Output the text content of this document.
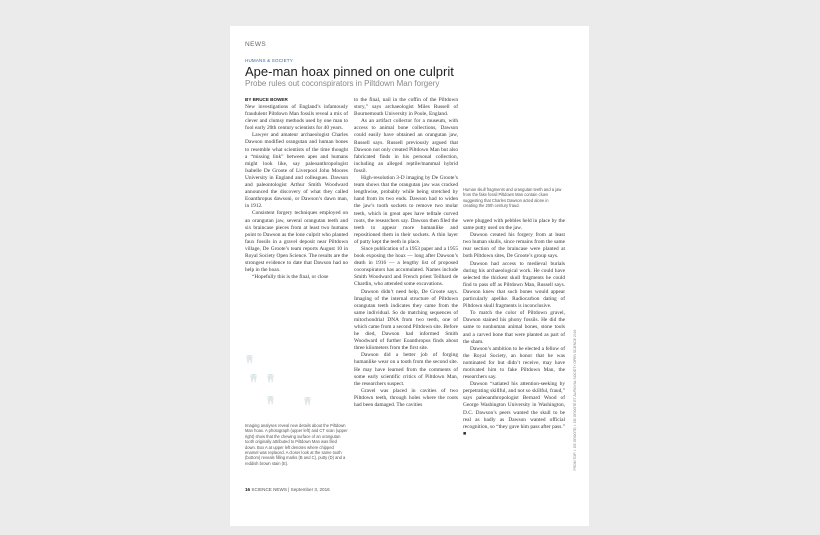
NEWS
HUMANS & SOCIETY
Ape-man hoax pinned on one culprit
Probe rules out coconspirators in Piltdown Man forgery
BY BRUCE BOWER

New investigations of England’s infamously fraudulent Piltdown Man fossils reveal a mix of clever and clumsy methods used by one man to fool early 20th century scientists for 40 years.

Lawyer and amateur archaeologist Charles Dawson modified orangutan and human bones to resemble what scientists of the time thought a “missing link” between apes and humans might look like, say paleoanthropologist Isabelle De Groote of Liverpool John Moores University in England and colleagues. Dawson and paleontologist Arthur Smith Woodward announced the discovery of what they called Eoanthropus dawsoni, or Dawson’s dawn man, in 1912.

Consistent forgery techniques employed on an orangutan jaw, several orangutan teeth and six braincase pieces from at least two humans point to Dawson as the lone culprit who planted faux fossils in a gravel deposit near Piltdown village, De Groote’s team reports August 10 in Royal Society Open Science. The results are the strongest evidence to date that Dawson had no help in the hoax.

“Hopefully this is the final, or close

to the final, nail in the coffin of the Piltdown story,” says archaeologist Miles Russell of Bournemouth University in Poole, England.

As an artifact collector for a museum, with access to animal bone collections, Dawson could easily have obtained an orangutan jaw, Russell says. Russell previously argued that Dawson not only created Piltdown Man but also fabricated finds in his personal collection, including an alleged reptile/mammal hybrid fossil.

High-resolution 3-D imaging by De Groote’s team shows that the orangutan jaw was cracked lengthwise, probably while being stretched by hand from its two ends. Dawson had to widen the jaw’s tooth sockets to remove two molar teeth, which in great apes have telltale curved roots, the researchers say. Dawson then filed the teeth to appear more humanlike and repositioned them in their sockets. A thin layer of putty kept the teeth in place.

Since publication of a 1953 paper and a 1955 book exposing the hoax — long after Dawson’s death in 1916 — a lengthy list of proposed coconspirators has accumulated. Names include Smith Woodward and French priest Teilhard de Chardin, who attended some excavations.

Dawson didn’t need help, De Groote says. Imaging of the internal structure of Piltdown orangutan teeth indicates they came from the same individual. So do matching sequences of mitochondrial DNA from two teeth, one of which came from a second Piltdown site. Before he died, Dawson had informed Smith Woodward of further Eoanthropus finds about three kilometers from the first site.

Dawson did a better job of forging humanlike wear on a tooth from the second site. He may have learned from the comments of some early scientific critics of Piltdown Man, the researchers suspect.

Gravel was placed in cavities of two Piltdown teeth, through holes where the roots had been damaged. The cavities

Human skull fragments and orangutan teeth and a jaw from the fake fossil Piltdown Man contain clues suggesting that Charles Dawson acted alone in creating the 20th century fraud.

were plugged with pebbles held in place by the same putty used on the jaw.

Dawson created his forgery from at least two human skulls, since remains from the same rear section of the braincase were planted at both Piltdown sites, De Groote’s group says.

Dawson had access to medieval burials during his archaeological work. He could have selected the thickest skull fragments he could find to pass off as Piltdown Man, Russell says. Dawson knew that such bones would appear particularly apelike. Radiocarbon dating of Piltdown skull fragments is inconclusive.

To match the color of Piltdown gravel, Dawson stained his phony fossils. He did the same to nonhuman animal bones, stone tools and a carved bone that were planted as part of the sham.

Dawson’s ambition to be elected a fellow of the Royal Society, an honor that he was nominated for but didn’t receive, may have motivated him to fake Piltdown Man, the researchers say.

Dawson “satiated his attention-seeking by perpetrating skillful, and not so skillful, fraud,” says paleoanthropologist Bernard Wood of George Washington University in Washington, D.C. Dawson’s peers wanted the skull to be real as badly as Dawson wanted official recognition, so “they gave him pass after pass.” ■

🦷
🦷 🦷
🦷	🦷
Imaging analyses reveal new details about the Piltdown Man hoax. A photograph (upper left) and CT scan (upper right) show that the chewing surface of an orangutan tooth originally attributed to Piltdown Man was filed down. Box A at upper left denotes where chipped enamel was replaced. A closer look at the same tooth (bottom) reveals filling marks (B and C), putty (D) and a reddish brown stain (E).	FROM TOP: I. DE GROOTE; I. DE GROOTE ET AL/ROYAL SOCIETY OPEN SCIENCE 2016
16 SCIENCE NEWS | September 3, 2016
